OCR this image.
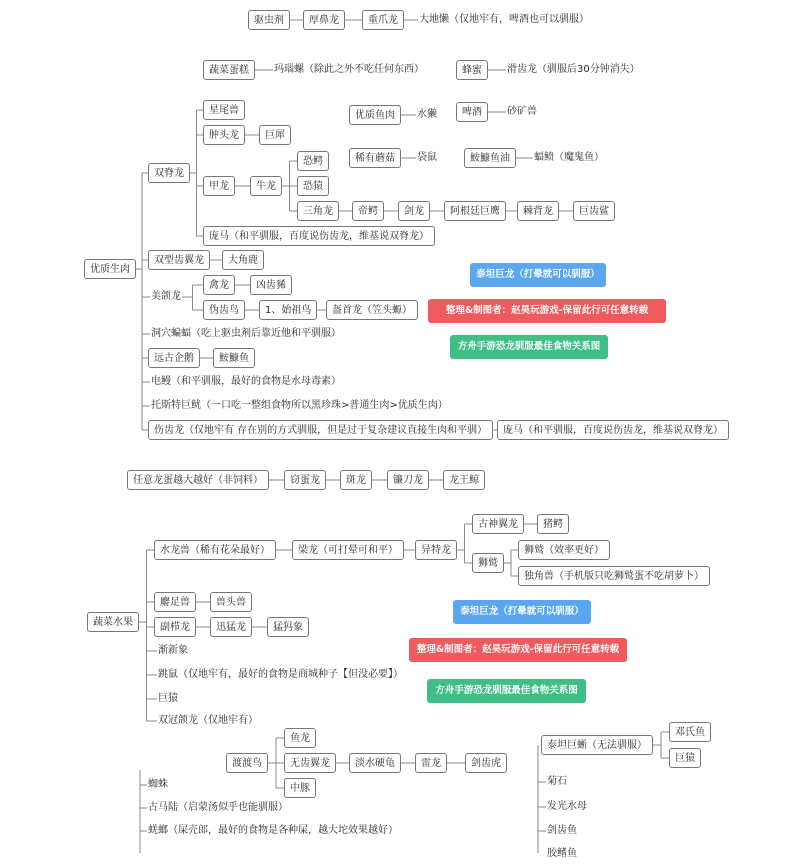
驱虫剂	厚鼻龙	重爪龙	大地懒（仅地牢有，啤酒也可以驯服）
蔬菜蛋糕	玛瑙螺（除此之外不吃任何东西）	蜂蜜	滑齿龙（驯服后30分钟消失）
优质鱼肉	水獭	啤酒	砂矿兽
稀有蘑菇	袋鼠	鮟鱇鱼油	蝠鲼（魔鬼鱼）
优质生肉
双脊龙
星尾兽
肿头龙	巨犀
甲龙	牛龙
恐鳄
恐猿
三角龙	帝鳄	剑龙	阿根廷巨鹰	棘背龙	巨齿鲨
庞马（和平驯服，百度说伤齿龙，维基说双脊龙）
双型齿翼龙	大角鹿
美颌龙
禽龙	凶齿豨
伪齿鸟	1、始祖鸟	盔首龙（笠头螈）
洞穴蝙蝠（吃上驱虫剂后靠近他和平驯服）
远古企鹅	鮟鱇鱼
电鳗（和平驯服，最好的食物是水母毒素）
托斯特巨鱿（一口吃一整组食物所以黑珍珠>普通生肉>优质生肉）
伤齿龙（仅地牢有 存在别的方式驯服，但是过于复杂建议直接生肉和平驯）	庞马（和平驯服，百度说伤齿龙，维基说双脊龙）
泰坦巨龙（打晕就可以驯服）
整理&制图者：赵昊玩游戏-保留此行可任意转载
方舟手游恐龙驯服最佳食物关系图
任意龙蛋越大越好（非饲料）	窃蛋龙	斑龙	镰刀龙	龙王鲸
蔬菜水果
水龙兽（稀有花朵最好）	梁龙（可打晕可和平）	异特龙
古神翼龙	猪鳄
狮鹫
狮鹫（效率更好）
独角兽（手机版只吃狮鹫蛋不吃胡萝卜）
麝足兽	兽头兽
副栉龙	迅猛龙	猛犸象
渐新象
跳鼠（仅地牢有，最好的食物是商城种子【但没必要】）
巨猿
双冠颌龙（仅地牢有）
泰坦巨龙（打晕就可以驯服）
整理&制图者：赵昊玩游戏-保留此行可任意转载
方舟手游恐龙驯服最佳食物关系图
渡渡鸟
鱼龙
无齿翼龙
中豚
淡水硬龟	雷龙	剑齿虎
蜘蛛
古马陆（启蒙汤似乎也能驯服）
蜣螂（屎壳郎，最好的食物是各种屎，越大坨效果越好）
泰坦巨蜥（无法驯服）
邓氏鱼
巨猿
菊石
发光水母
剑齿鱼
胶鳍鱼
